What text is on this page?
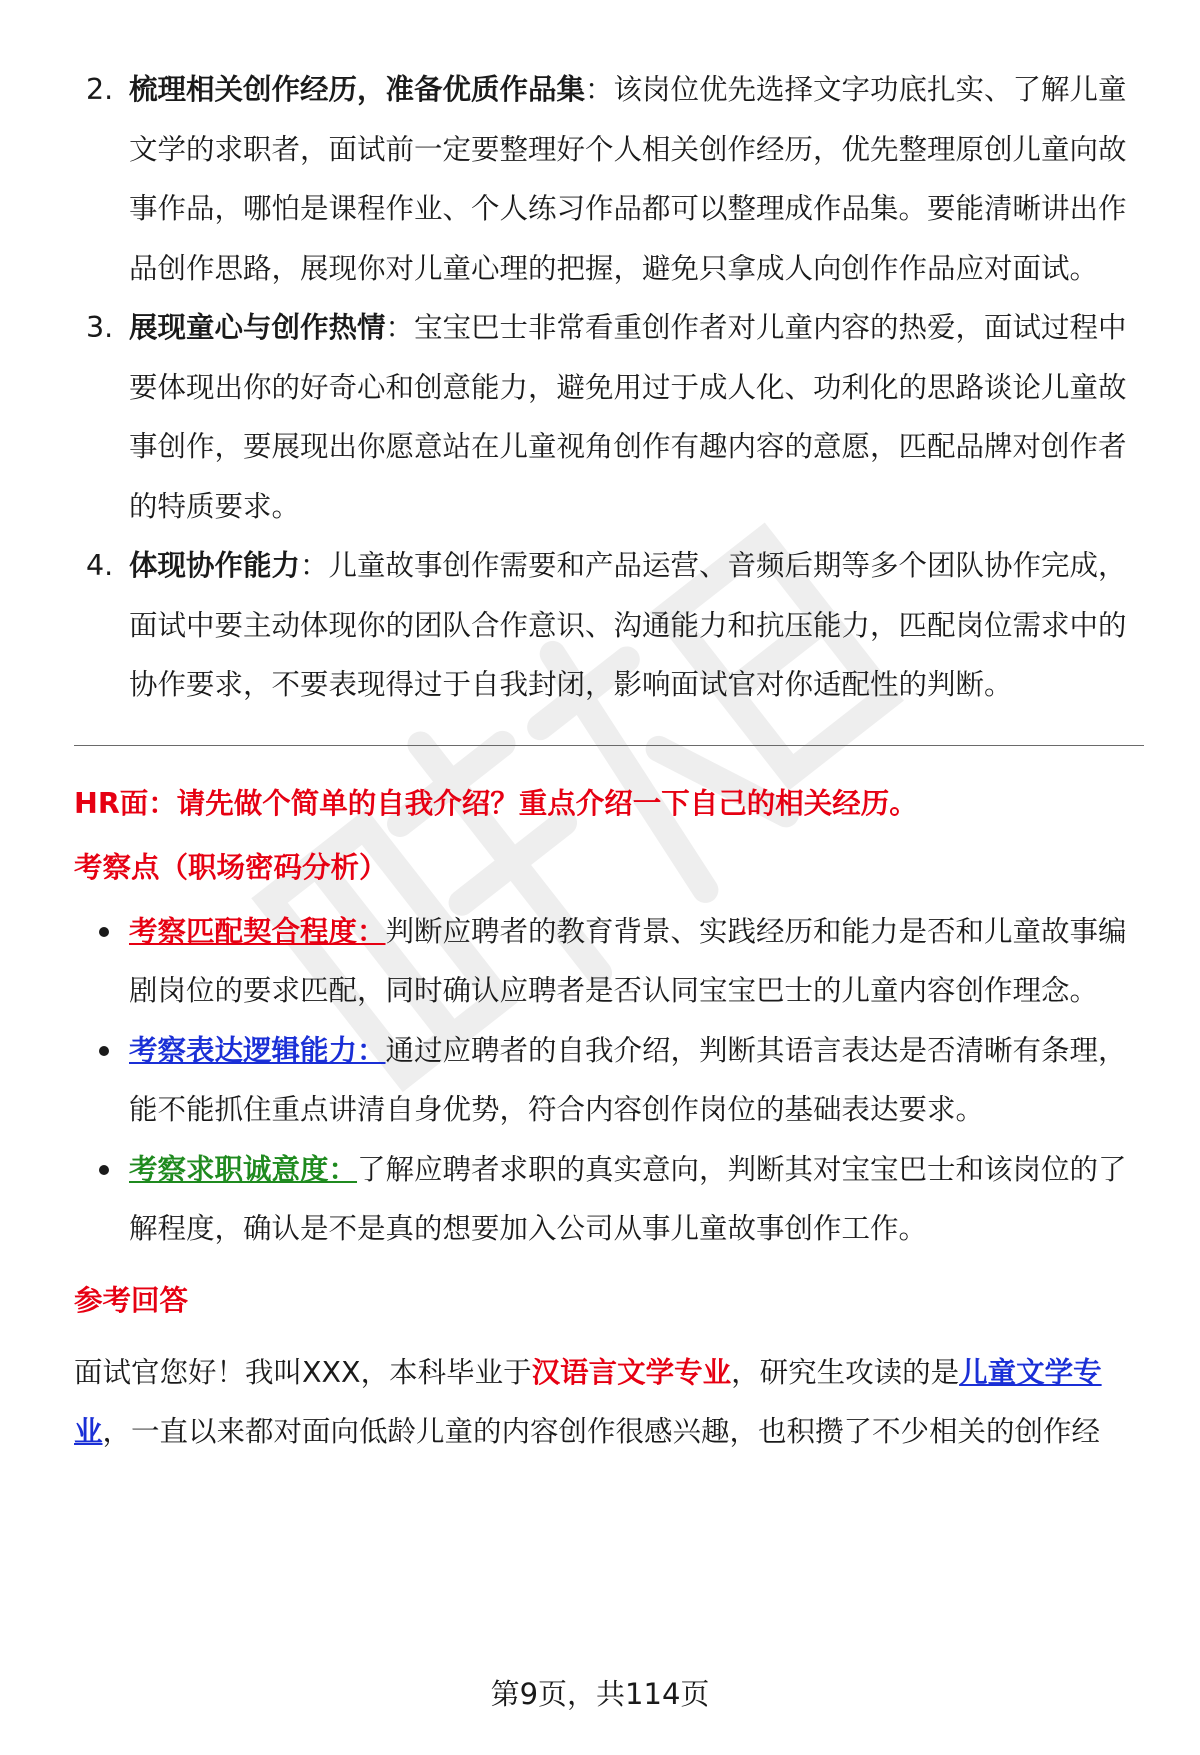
2. 梳理相关创作经历，准备优质作品集：该岗位优先选择文字功底扎实、了解儿童文学的求职者，面试前一定要整理好个人相关创作经历，优先整理原创儿童向故事作品，哪怕是课程作业、个人练习作品都可以整理成作品集。要能清晰讲出作品创作思路，展现你对儿童心理的把握，避免只拿成人向创作作品应对面试。
3. 展现童心与创作热情：宝宝巴士非常看重创作者对儿童内容的热爱，面试过程中要体现出你的好奇心和创意能力，避免用过于成人化、功利化的思路谈论儿童故事创作，要展现出你愿意站在儿童视角创作有趣内容的意愿，匹配品牌对创作者的特质要求。
4. 体现协作能力：儿童故事创作需要和产品运营、音频后期等多个团队协作完成，面试中要主动体现你的团队合作意识、沟通能力和抗压能力，匹配岗位需求中的协作要求，不要表现得过于自我封闭，影响面试官对你适配性的判断。
HR面：请先做个简单的自我介绍？重点介绍一下自己的相关经历。
考察点（职场密码分析）
考察匹配契合程度：判断应聘者的教育背景、实践经历和能力是否和儿童故事编剧岗位的要求匹配，同时确认应聘者是否认同宝宝巴士的儿童内容创作理念。
考察表达逻辑能力：通过应聘者的自我介绍，判断其语言表达是否清晰有条理，能不能抓住重点讲清自身优势，符合内容创作岗位的基础表达要求。
考察求职诚意度：了解应聘者求职的真实意向，判断其对宝宝巴士和该岗位的了解程度，确认是不是真的想要加入公司从事儿童故事创作工作。
参考回答
面试官您好！我叫XXX，本科毕业于汉语言文学专业，研究生攻读的是儿童文学专业，一直以来都对面向低龄儿童的内容创作很感兴趣，也积攒了不少相关的创作经
第9页，共114页
